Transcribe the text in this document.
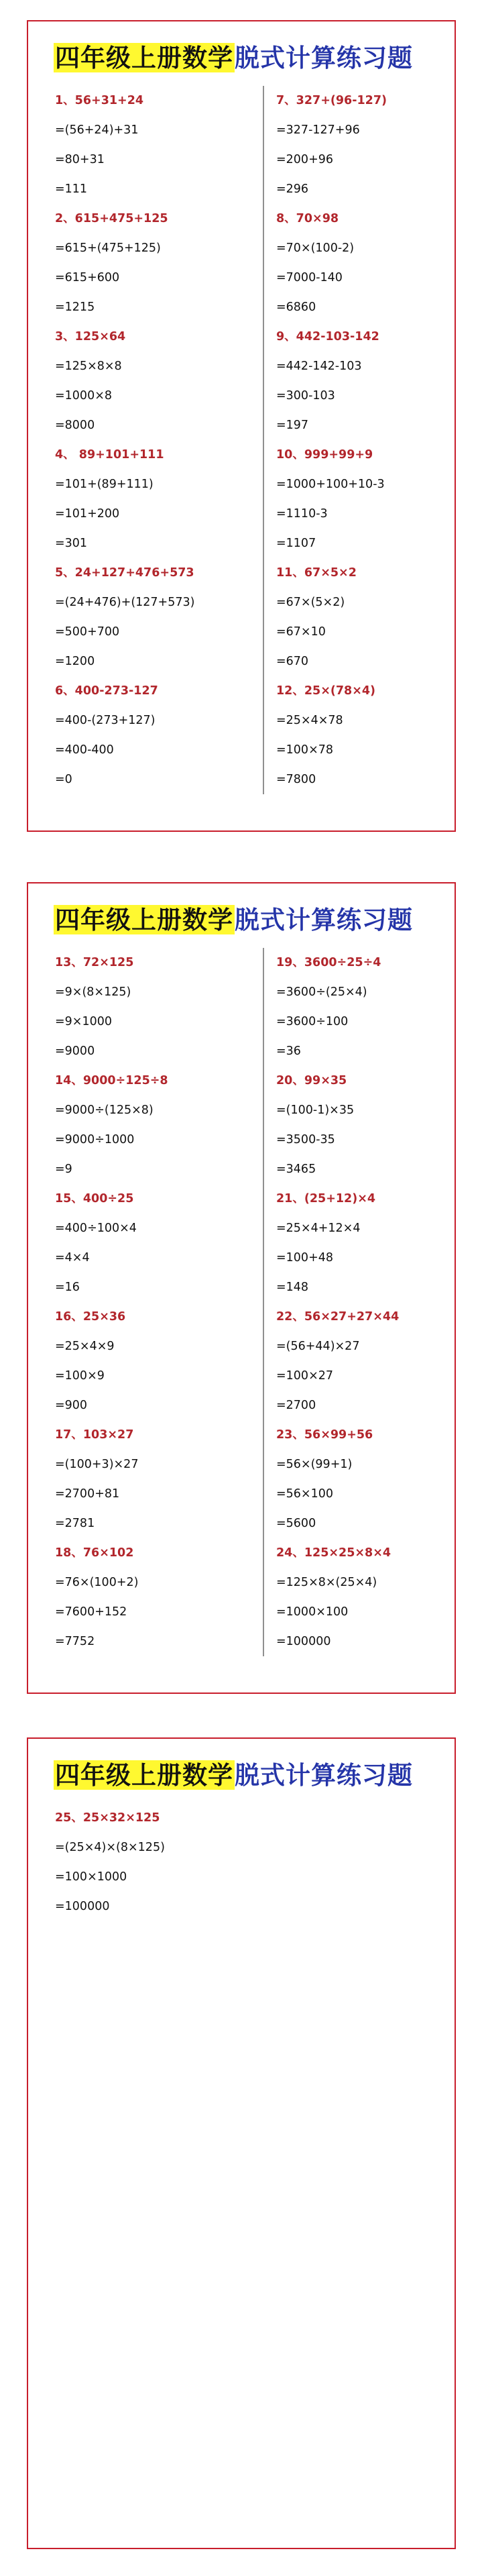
四年级上册数学脱式计算练习题
1、56+31+24
=(56+24)+31
=80+31
=111
2、615+475+125
=615+(475+125)
=615+600
=1215
3、125×64
=125×8×8
=1000×8
=8000
4、 89+101+111
=101+(89+111)
=101+200
=301
5、24+127+476+573
=(24+476)+(127+573)
=500+700
=1200
6、400-273-127
=400-(273+127)
=400-400
=0
7、327+(96-127)
=327-127+96
=200+96
=296
8、70×98
=70×(100-2)
=7000-140
=6860
9、442-103-142
=442-142-103
=300-103
=197
10、999+99+9
=1000+100+10-3
=1110-3
=1107
11、67×5×2
=67×(5×2)
=67×10
=670
12、25×(78×4)
=25×4×78
=100×78
=7800
四年级上册数学脱式计算练习题
13、72×125
=9×(8×125)
=9×1000
=9000
14、9000÷125÷8
=9000÷(125×8)
=9000÷1000
=9
15、400÷25
=400÷100×4
=4×4
=16
16、25×36
=25×4×9
=100×9
=900
17、103×27
=(100+3)×27
=2700+81
=2781
18、76×102
=76×(100+2)
=7600+152
=7752
19、3600÷25÷4
=3600÷(25×4)
=3600÷100
=36
20、99×35
=(100-1)×35
=3500-35
=3465
21、(25+12)×4
=25×4+12×4
=100+48
=148
22、56×27+27×44
=(56+44)×27
=100×27
=2700
23、56×99+56
=56×(99+1)
=56×100
=5600
24、125×25×8×4
=125×8×(25×4)
=1000×100
=100000
四年级上册数学脱式计算练习题
25、25×32×125
=(25×4)×(8×125)
=100×1000
=100000
